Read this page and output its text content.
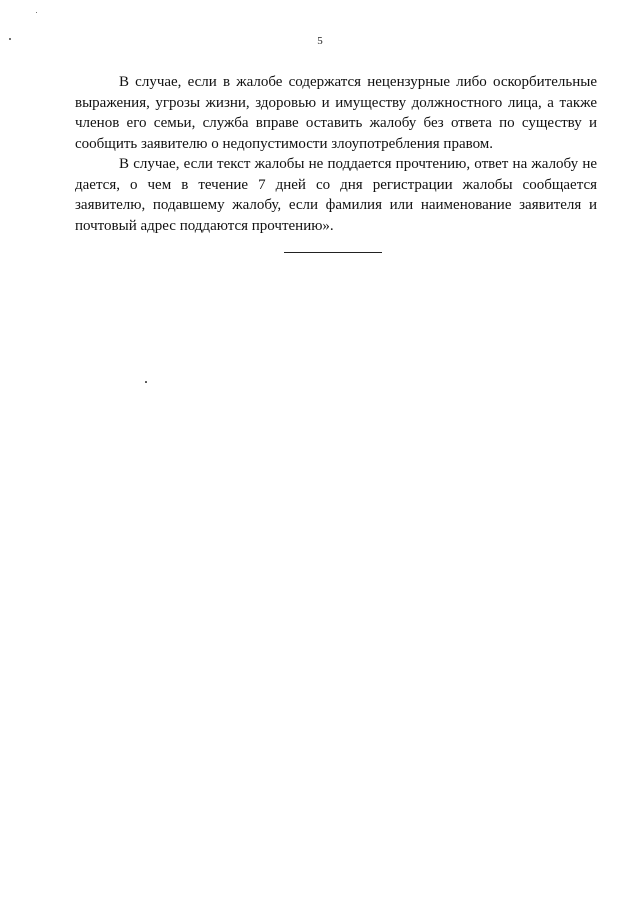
5

В случае, если в жалобе содержатся нецензурные либо оскорбительные выражения, угрозы жизни, здоровью и имуществу должностного лица, а также членов его семьи, служба вправе оставить жалобу без ответа по существу и сообщить заявителю о недопустимости злоупотребления правом.

В случае, если текст жалобы не поддается прочтению, ответ на жалобу не дается, о чем в течение 7 дней со дня регистрации жалобы сообщается заявителю, подавшему жалобу, если фамилия или наименование заявителя и почтовый адрес поддаются прочтению».
